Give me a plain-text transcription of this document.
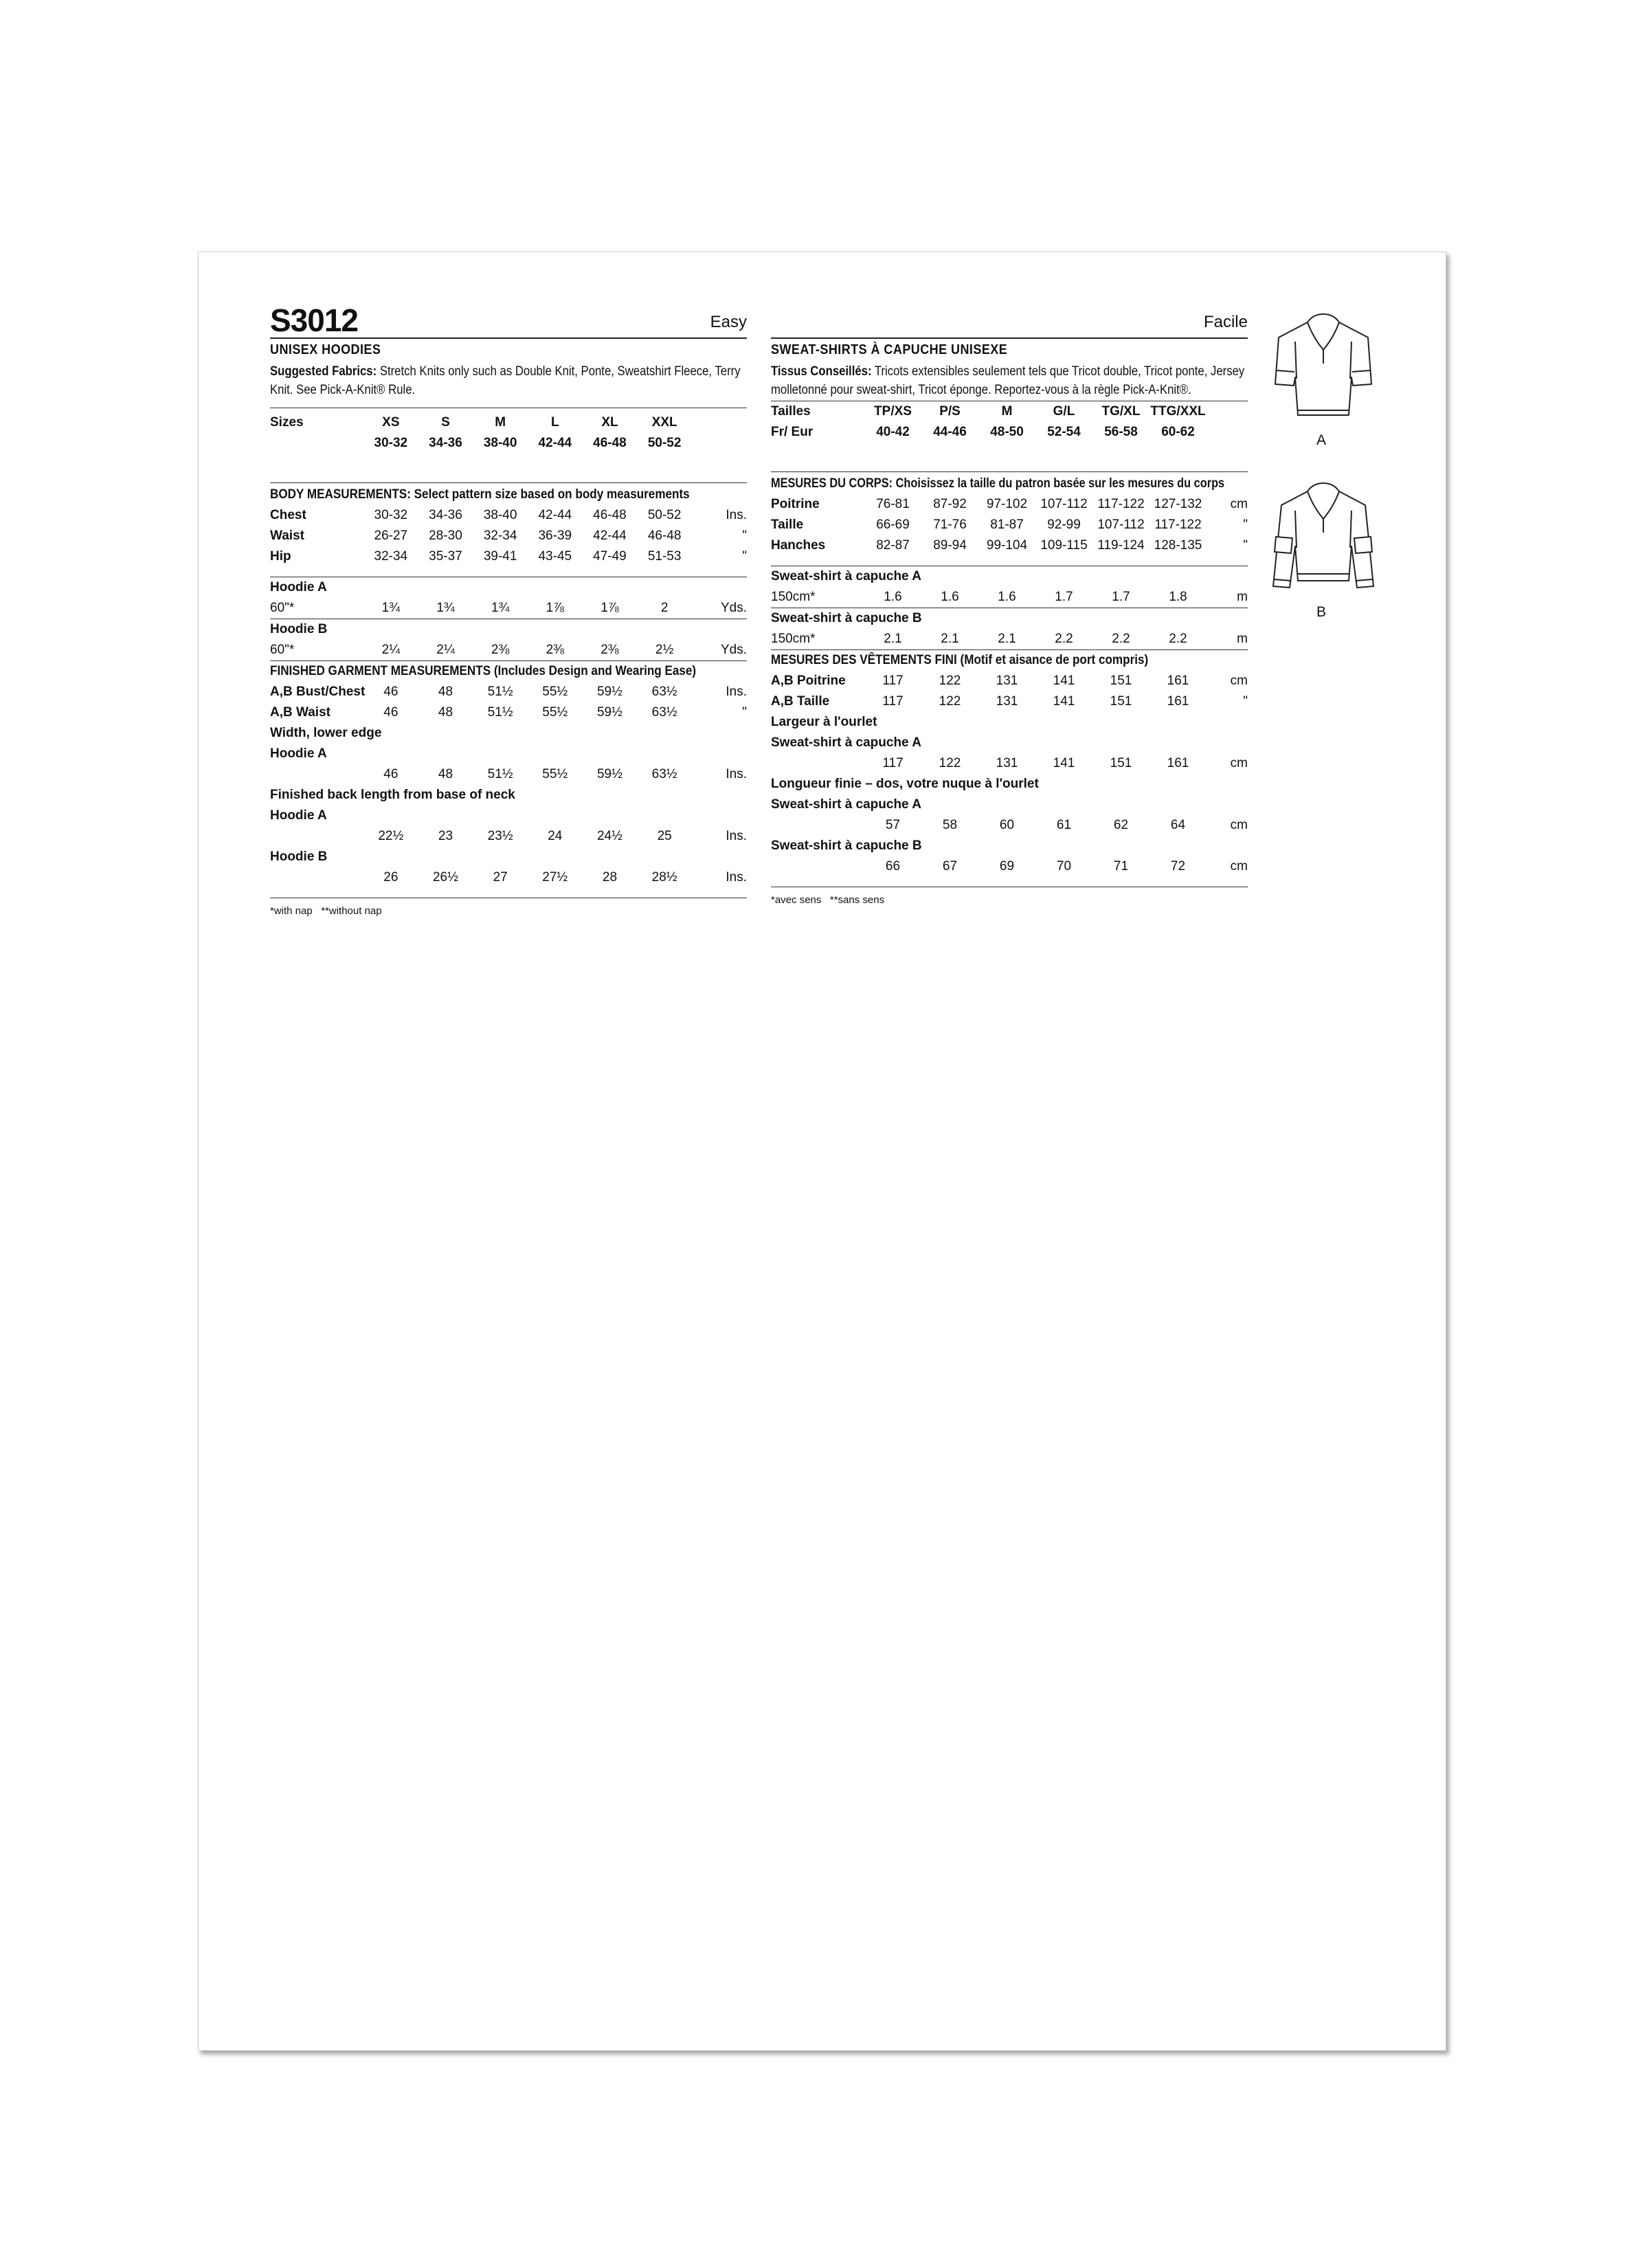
S3012	Easy
UNISEX HOODIES
Suggested Fabrics: Stretch Knits only such as Double Knit, Ponte, Sweatshirt Fleece, Terry Knit. See Pick-A-Knit® Rule.
Sizes	XS	S	M	L	XL	XXL	
	30-32	34-36	38-40	42-44	46-48	50-52	
BODY MEASUREMENTS: Select pattern size based on body measurements
Chest	30-32	34-36	38-40	42-44	46-48	50-52	Ins.
Waist	26-27	28-30	32-34	36-39	42-44	46-48	"
Hip	32-34	35-37	39-41	43-45	47-49	51-53	"
Hoodie A							
60"*	1¾	1¾	1¾	1⅞	1⅞	2	Yds.
Hoodie B							
60"*	2¼	2¼	2⅜	2⅜	2⅜	2½	Yds.
FINISHED GARMENT MEASUREMENTS (Includes Design and Wearing Ease)
A,B Bust/Chest	46	48	51½	55½	59½	63½	Ins.
A,B Waist	46	48	51½	55½	59½	63½	"
Width, lower edge							
Hoodie A							
	46	48	51½	55½	59½	63½	Ins.
Finished back length from base of neck							
Hoodie A							
	22½	23	23½	24	24½	25	Ins.
Hoodie B							
	26	26½	27	27½	28	28½	Ins.
*with nap   **without nap
Facile
SWEAT-SHIRTS À CAPUCHE UNISEXE
Tissus Conseillés: Tricots extensibles seulement tels que Tricot double, Tricot ponte, Jersey molletonné pour sweat-shirt, Tricot éponge. Reportez-vous à la règle Pick-A-Knit®.
Tailles	TP/XS	P/S	M	G/L	TG/XL	TTG/XXL	
Fr/ Eur	40-42	44-46	48-50	52-54	56-58	60-62	
MESURES DU CORPS: Choisissez la taille du patron basée sur les mesures du corps
Poitrine	76-81	87-92	97-102	107-112	117-122	127-132	cm
Taille	66-69	71-76	81-87	92-99	107-112	117-122	"
Hanches	82-87	89-94	99-104	109-115	119-124	128-135	"
Sweat-shirt à capuche A							
150cm*	1.6	1.6	1.6	1.7	1.7	1.8	m
Sweat-shirt à capuche B							
150cm*	2.1	2.1	2.1	2.2	2.2	2.2	m
MESURES DES VÊTEMENTS FINI (Motif et aisance de port compris)
A,B Poitrine	117	122	131	141	151	161	cm
A,B Taille	117	122	131	141	151	161	"
Largeur à l'ourlet							
Sweat-shirt à capuche A							
	117	122	131	141	151	161	cm
Longueur finie – dos, votre nuque à l'ourlet							
Sweat-shirt à capuche A							
	57	58	60	61	62	64	cm
Sweat-shirt à capuche B							
	66	67	69	70	71	72	cm
*avec sens   **sans sens
A
B
